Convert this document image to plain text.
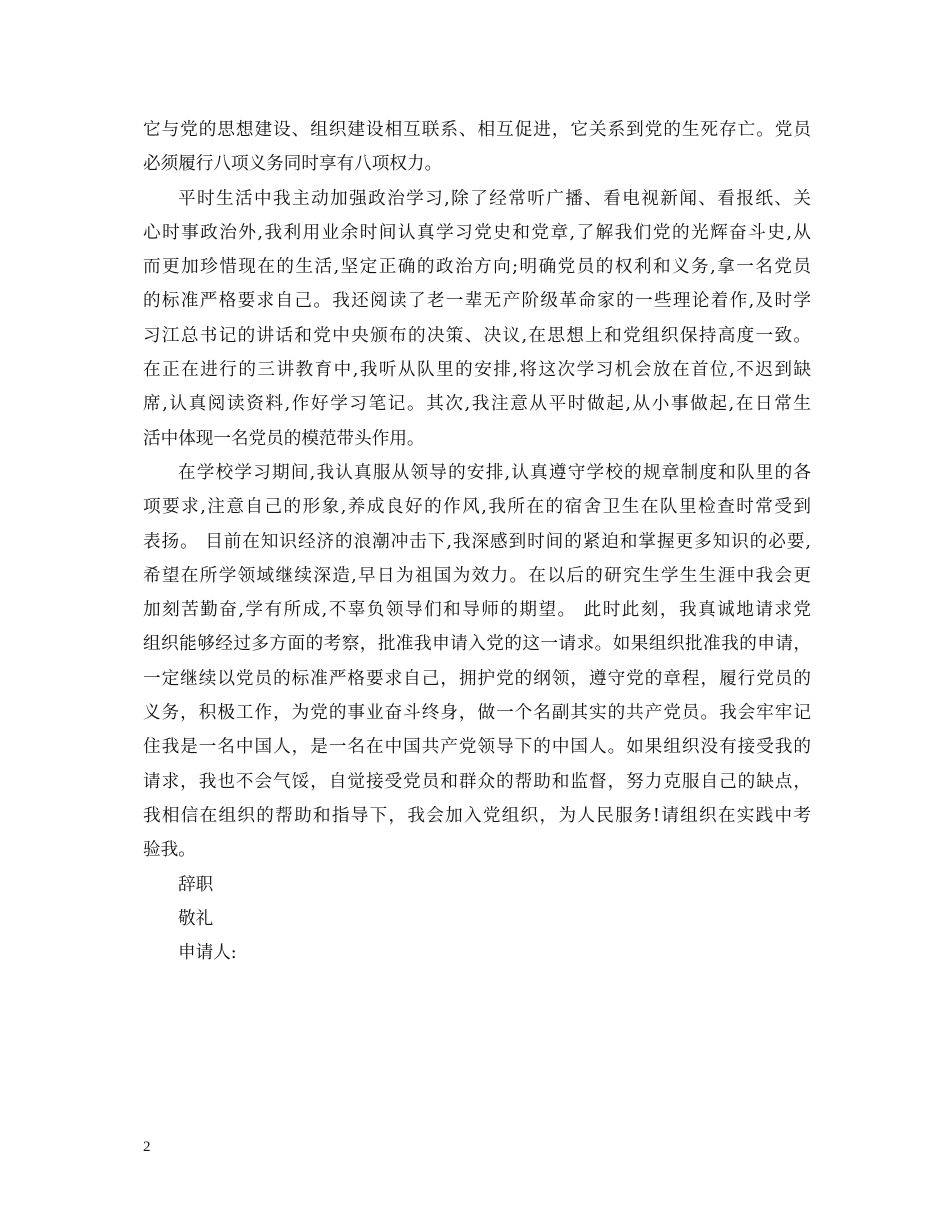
它与党的思想建设、组织建设相互联系、相互促进，它关系到党的生死存亡。党员
必须履行八项义务同时享有八项权力。
平时生活中我主动加强政治学习,除了经常听广播、看电视新闻、看报纸、关
心时事政治外,我利用业余时间认真学习党史和党章,了解我们党的光辉奋斗史,从
而更加珍惜现在的生活,坚定正确的政治方向;明确党员的权利和义务,拿一名党员
的标准严格要求自己。我还阅读了老一辈无产阶级革命家的一些理论着作,及时学
习江总书记的讲话和党中央颁布的决策、决议,在思想上和党组织保持高度一致。
在正在进行的三讲教育中,我听从队里的安排,将这次学习机会放在首位,不迟到缺
席,认真阅读资料,作好学习笔记。其次,我注意从平时做起,从小事做起,在日常生
活中体现一名党员的模范带头作用。
在学校学习期间,我认真服从领导的安排,认真遵守学校的规章制度和队里的各
项要求,注意自己的形象,养成良好的作风,我所在的宿舍卫生在队里检查时常受到
表扬。 目前在知识经济的浪潮冲击下,我深感到时间的紧迫和掌握更多知识的必要,
希望在所学领域继续深造,早日为祖国为效力。在以后的研究生学生生涯中我会更
加刻苦勤奋,学有所成,不辜负领导们和导师的期望。 此时此刻，我真诚地请求党
组织能够经过多方面的考察，批准我申请入党的这一请求。如果组织批准我的申请，
一定继续以党员的标准严格要求自己，拥护党的纲领，遵守党的章程，履行党员的
义务，积极工作，为党的事业奋斗终身，做一个名副其实的共产党员。我会牢牢记
住我是一名中国人，是一名在中国共产党领导下的中国人。如果组织没有接受我的
请求，我也不会气馁，自觉接受党员和群众的帮助和监督，努力克服自己的缺点，
我相信在组织的帮助和指导下，我会加入党组织，为人民服务!请组织在实践中考
验我。
辞职
敬礼
申请人:
2
